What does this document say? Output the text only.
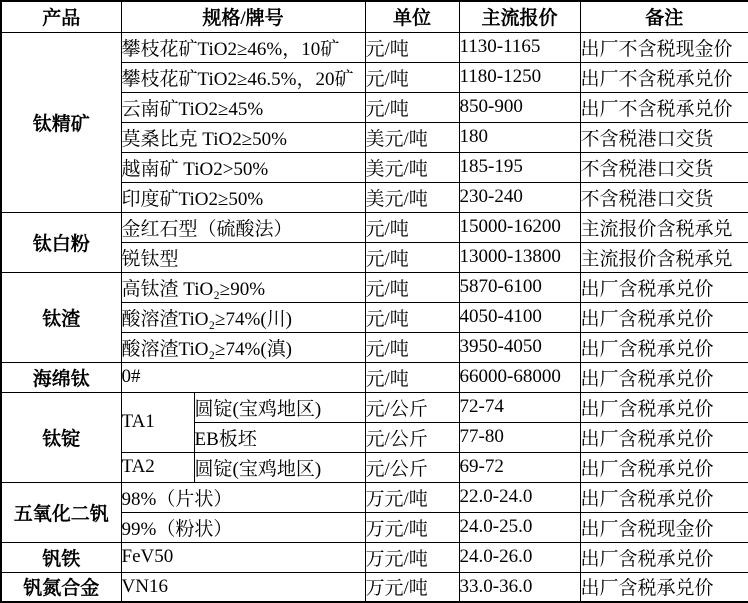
产品	规格/牌号		单位	主流报价	备注
钛精矿	攀枝花矿TiO2≥46%，10矿		元/吨	1130-1165	出厂不含税现金价
	攀枝花矿TiO2≥46.5%，20矿		元/吨	1180-1250	出厂不含税承兑价
	云南矿TiO2≥45%		元/吨	850-900	出厂不含税承兑价
	莫桑比克 TiO2≥50%		美元/吨	180	不含税港口交货
	越南矿 TiO2>50%		美元/吨	185-195	不含税港口交货
	印度矿TiO2≥50%		美元/吨	230-240	不含税港口交货
钛白粉	金红石型（硫酸法）		元/吨	15000-16200	主流报价含税承兑
	锐钛型		元/吨	13000-13800	主流报价含税承兑
钛渣	高钛渣 TiO₂≥90%		元/吨	5870-6100	出厂含税承兑价
	酸溶渣TiO₂≥74%(川)		元/吨	4050-4100	出厂含税承兑价
	酸溶渣TiO₂≥74%(滇)		元/吨	3950-4050	出厂含税承兑价
海绵钛	0#		元/吨	66000-68000	出厂含税承兑价
钛锭	TA1	圆锭(宝鸡地区)	元/公斤	72-74	出厂含税承兑价
		EB板坯	元/公斤	77-80	出厂含税承兑价
	TA2	圆锭(宝鸡地区)	元/公斤	69-72	出厂含税承兑价
五氧化二钒	98%（片状）		万元/吨	22.0-24.0	出厂含税承兑价
	99%（粉状）		万元/吨	24.0-25.0	出厂含税现金价
钒铁	FeV50		万元/吨	24.0-26.0	出厂含税承兑价
钒氮合金	VN16		万元/吨	33.0-36.0	出厂含税承兑价
